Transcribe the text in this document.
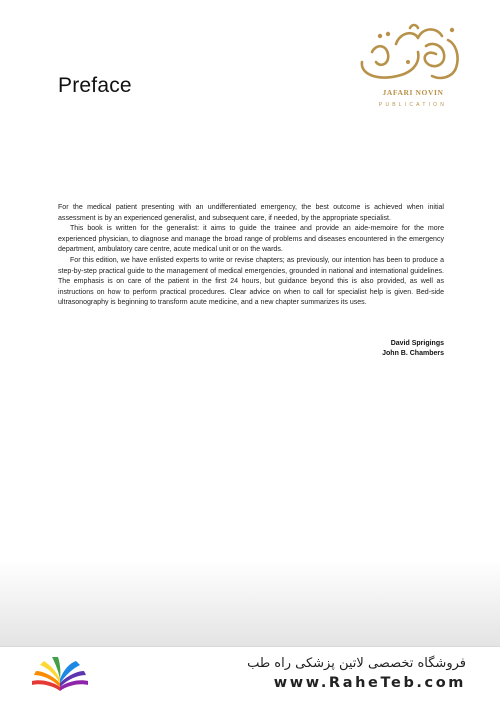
Preface	JAFARI NOVIN
PUBLICATION

For the medical patient presenting with an undifferentiated emergency, the best outcome is achieved when initial assessment is by an experienced generalist, and subsequent care, if needed, by the appropriate specialist.

This book is written for the generalist: it aims to guide the trainee and provide an aide-memoire for the more experienced physician, to diagnose and manage the broad range of problems and diseases encountered in the emergency department, ambulatory care centre, acute medical unit or on the wards.

For this edition, we have enlisted experts to write or revise chapters; as previously, our intention has been to produce a step-by-step practical guide to the management of medical emergencies, grounded in national and international guidelines. The emphasis is on care of the patient in the first 24 hours, but guidance beyond this is also provided, as well as instructions on how to perform practical procedures. Clear advice on when to call for specialist help is given. Bed-side ultrasonography is beginning to transform acute medicine, and a new chapter summarizes its uses.

David Sprigings
John B. Chambers
فروشگاه تخصصی لاتین پزشکی راه طب
www.RaheTeb.com
